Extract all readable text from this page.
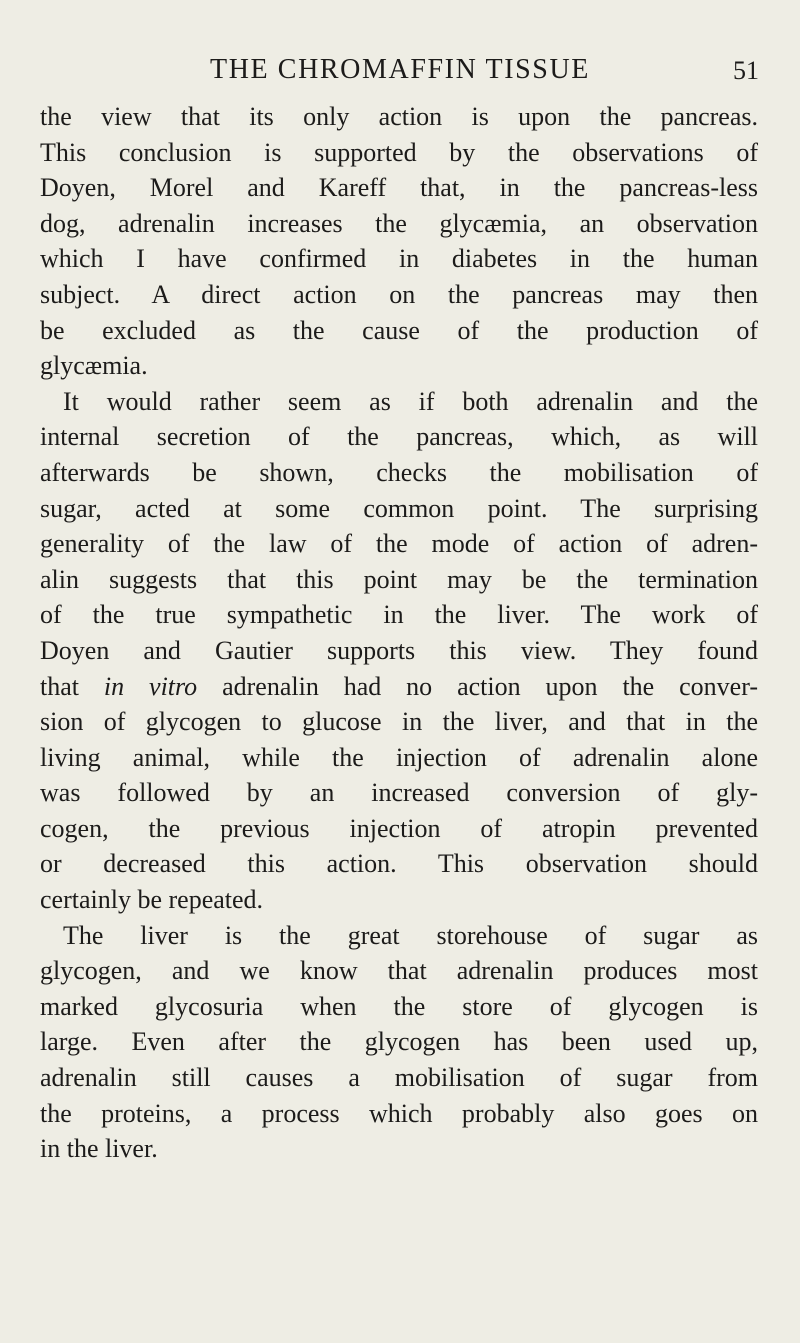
THE CHROMAFFIN TISSUE	51
the view that its only action is upon the pancreas.
This conclusion is supported by the observations of
Doyen, Morel and Kareff that, in the pancreas-less
dog, adrenalin increases the glycæmia, an observation
which I have confirmed in diabetes in the human
subject. A direct action on the pancreas may then
be excluded as the cause of the production of
glycæmia.
It would rather seem as if both adrenalin and the
internal secretion of the pancreas, which, as will
afterwards be shown, checks the mobilisation of
sugar, acted at some common point. The surprising
generality of the law of the mode of action of adren-
alin suggests that this point may be the termination
of the true sympathetic in the liver. The work of
Doyen and Gautier supports this view. They found
that in vitro adrenalin had no action upon the conver-
sion of glycogen to glucose in the liver, and that in the
living animal, while the injection of adrenalin alone
was followed by an increased conversion of gly-
cogen, the previous injection of atropin prevented
or decreased this action. This observation should
certainly be repeated.
The liver is the great storehouse of sugar as
glycogen, and we know that adrenalin produces most
marked glycosuria when the store of glycogen is
large. Even after the glycogen has been used up,
adrenalin still causes a mobilisation of sugar from
the proteins, a process which probably also goes on
in the liver.
